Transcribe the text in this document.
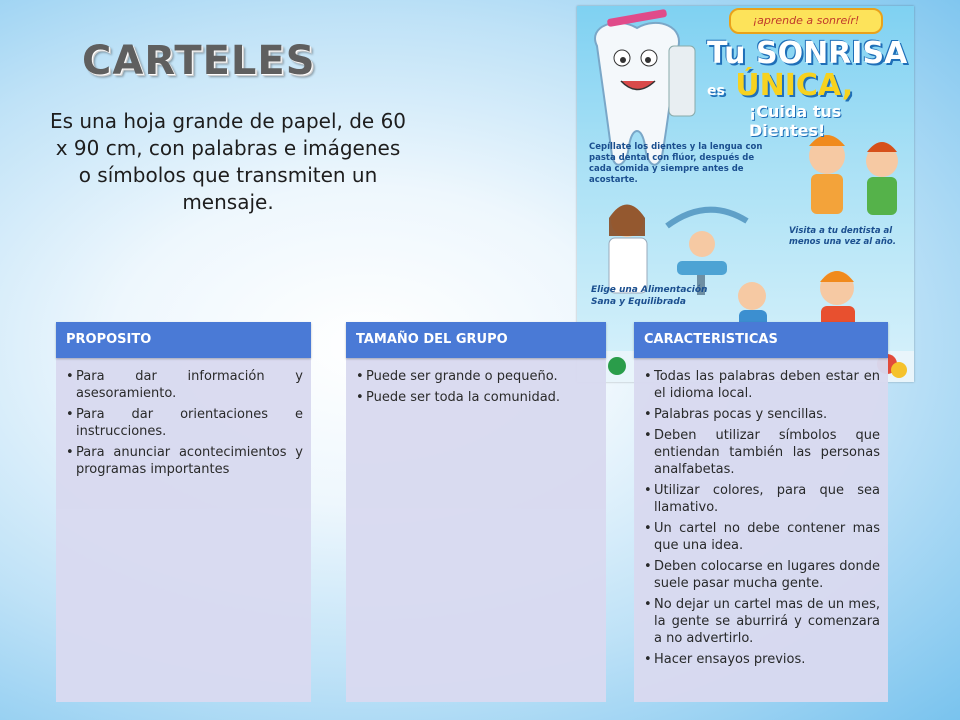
CARTELES
Es una hoja grande de papel, de 60 x 90 cm, con palabras e imágenes o símbolos que transmiten un mensaje.
¡aprende a sonreír!
Tu SONRISA
es ÚNICA,
¡Cuida tus Dientes!
Cepíllate los dientes y la lengua con pasta dental con flúor, después de cada comida y siempre antes de acostarte.
Visita a tu dentista al menos una vez al año.
Elige una Alimentación Sana y Equilibrada
• Para dar información y asesoramiento.
• Para dar orientaciones e instrucciones.
• Para anunciar acontecimientos y programas importantes
PROPOSITO
• Puede ser grande o pequeño.
• Puede ser toda la comunidad.
TAMAÑO DEL GRUPO
• Todas las palabras deben estar en el idioma local.
• Palabras pocas y sencillas.
• Deben utilizar símbolos que entiendan también las personas analfabetas.
• Utilizar colores, para que sea llamativo.
• Un cartel no debe contener mas que una idea.
• Deben colocarse en lugares donde suele pasar mucha gente.
• No dejar un cartel mas de un mes, la gente se aburrirá y comenzara a no advertirlo.
• Hacer ensayos previos.
CARACTERISTICAS
